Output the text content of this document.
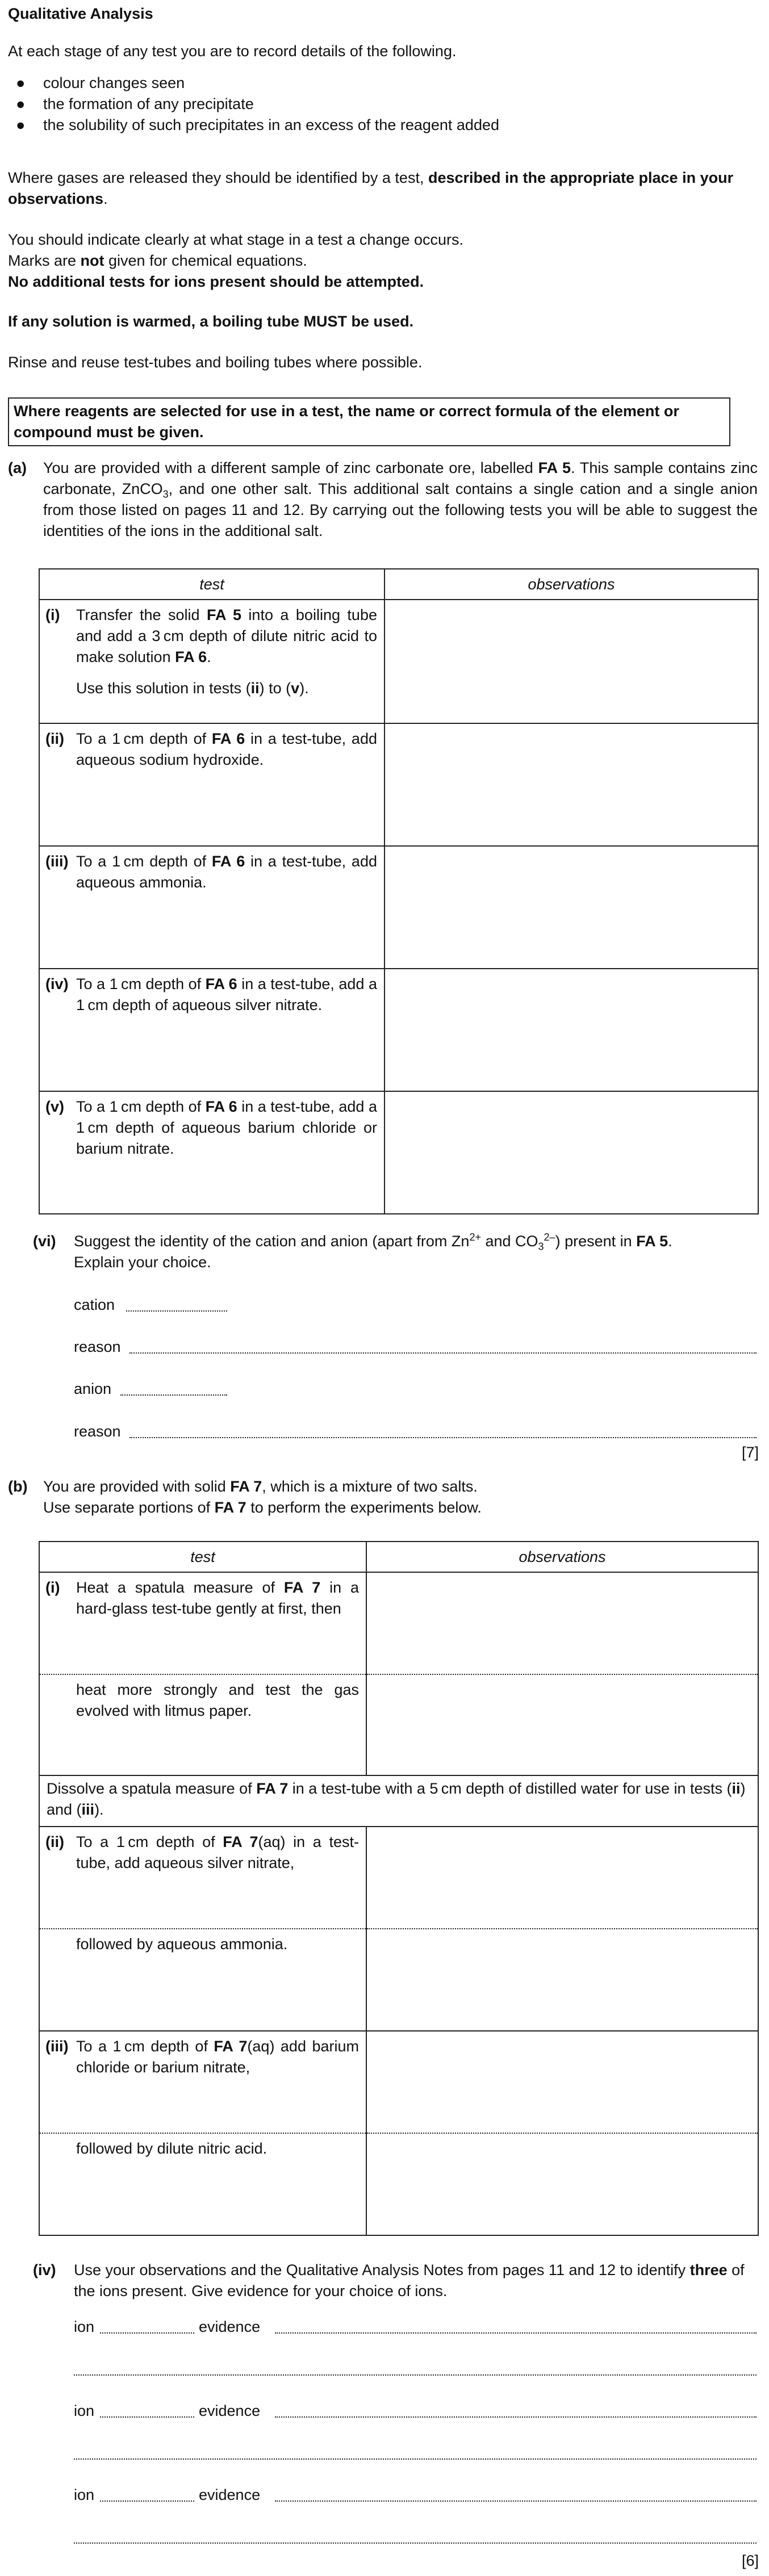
Qualitative Analysis
At each stage of any test you are to record details of the following.
● colour changes seen
● the formation of any precipitate
● the solubility of such precipitates in an excess of the reagent added
Where gases are released they should be identified by a test, described in the appropriate place in your observations.
You should indicate clearly at what stage in a test a change occurs.
Marks are not given for chemical equations.
No additional tests for ions present should be attempted.
If any solution is warmed, a boiling tube MUST be used.
Rinse and reuse test-tubes and boiling tubes where possible.
Where reagents are selected for use in a test, the name or correct formula of the element or compound must be given.
(a) You are provided with a different sample of zinc carbonate ore, labelled FA 5. This sample contains zinc carbonate, ZnCO$_3$, and one other salt. This additional salt contains a single cation and a single anion from those listed on pages 11 and 12. By carrying out the following tests you will be able to suggest the identities of the ions in the additional salt.
test	observations

(i) Transfer the solid FA 5 into a boiling tube and add a 3 cm depth of dilute nitric acid to make solution FA 6.
Use this solution in tests (ii) to (v).	

(ii) To a 1 cm depth of FA 6 in a test-tube, add aqueous sodium hydroxide.	

(iii) To a 1 cm depth of FA 6 in a test-tube, add aqueous ammonia.	

(iv) To a 1 cm depth of FA 6 in a test-tube, add a 1 cm depth of aqueous silver nitrate.	

(v) To a 1 cm depth of FA 6 in a test-tube, add a 1 cm depth of aqueous barium chloride or barium nitrate.	

(vi) Suggest the identity of the cation and anion (apart from $Zn^{2+}$ and $CO_3^{2-}$) present in FA 5.
Explain your choice.
cation
reason
anion
reason
[7]
(b) You are provided with solid FA 7, which is a mixture of two salts.
Use separate portions of FA 7 to perform the experiments below.
test	observations

(i) Heat a spatula measure of FA 7 in a hard-glass test-tube gently at first, then	

heat more strongly and test the gas evolved with litmus paper.	

Dissolve a spatula measure of FA 7 in a test-tube with a 5 cm depth of distilled water for use in tests (ii) and (iii).	

(ii) To a 1 cm depth of FA 7(aq) in a test-tube, add aqueous silver nitrate,	

followed by aqueous ammonia.	

(iii) To a 1 cm depth of FA 7(aq) add barium chloride or barium nitrate,	

followed by dilute nitric acid.	

(iv) Use your observations and the Qualitative Analysis Notes from pages 11 and 12 to identify three of the ions present. Give evidence for your choice of ions.
ion	evidence
ion	evidence
ion	evidence
[6]
